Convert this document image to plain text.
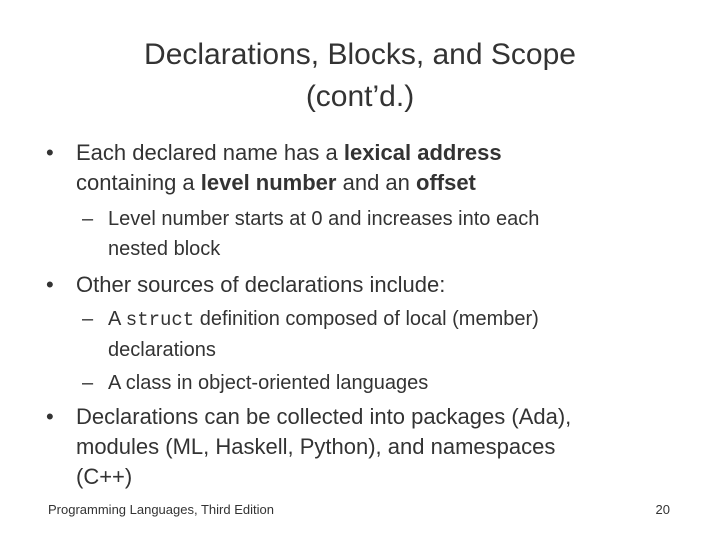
Declarations, Blocks, and Scope
(cont’d.)
• Each declared name has a lexical address
containing a level number and an offset
– Level number starts at 0 and increases into each
nested block
• Other sources of declarations include:
– A struct definition composed of local (member)
declarations
– A class in object-oriented languages
• Declarations can be collected into packages (Ada),
modules (ML, Haskell, Python), and namespaces
(C++)
Programming Languages, Third Edition	20
